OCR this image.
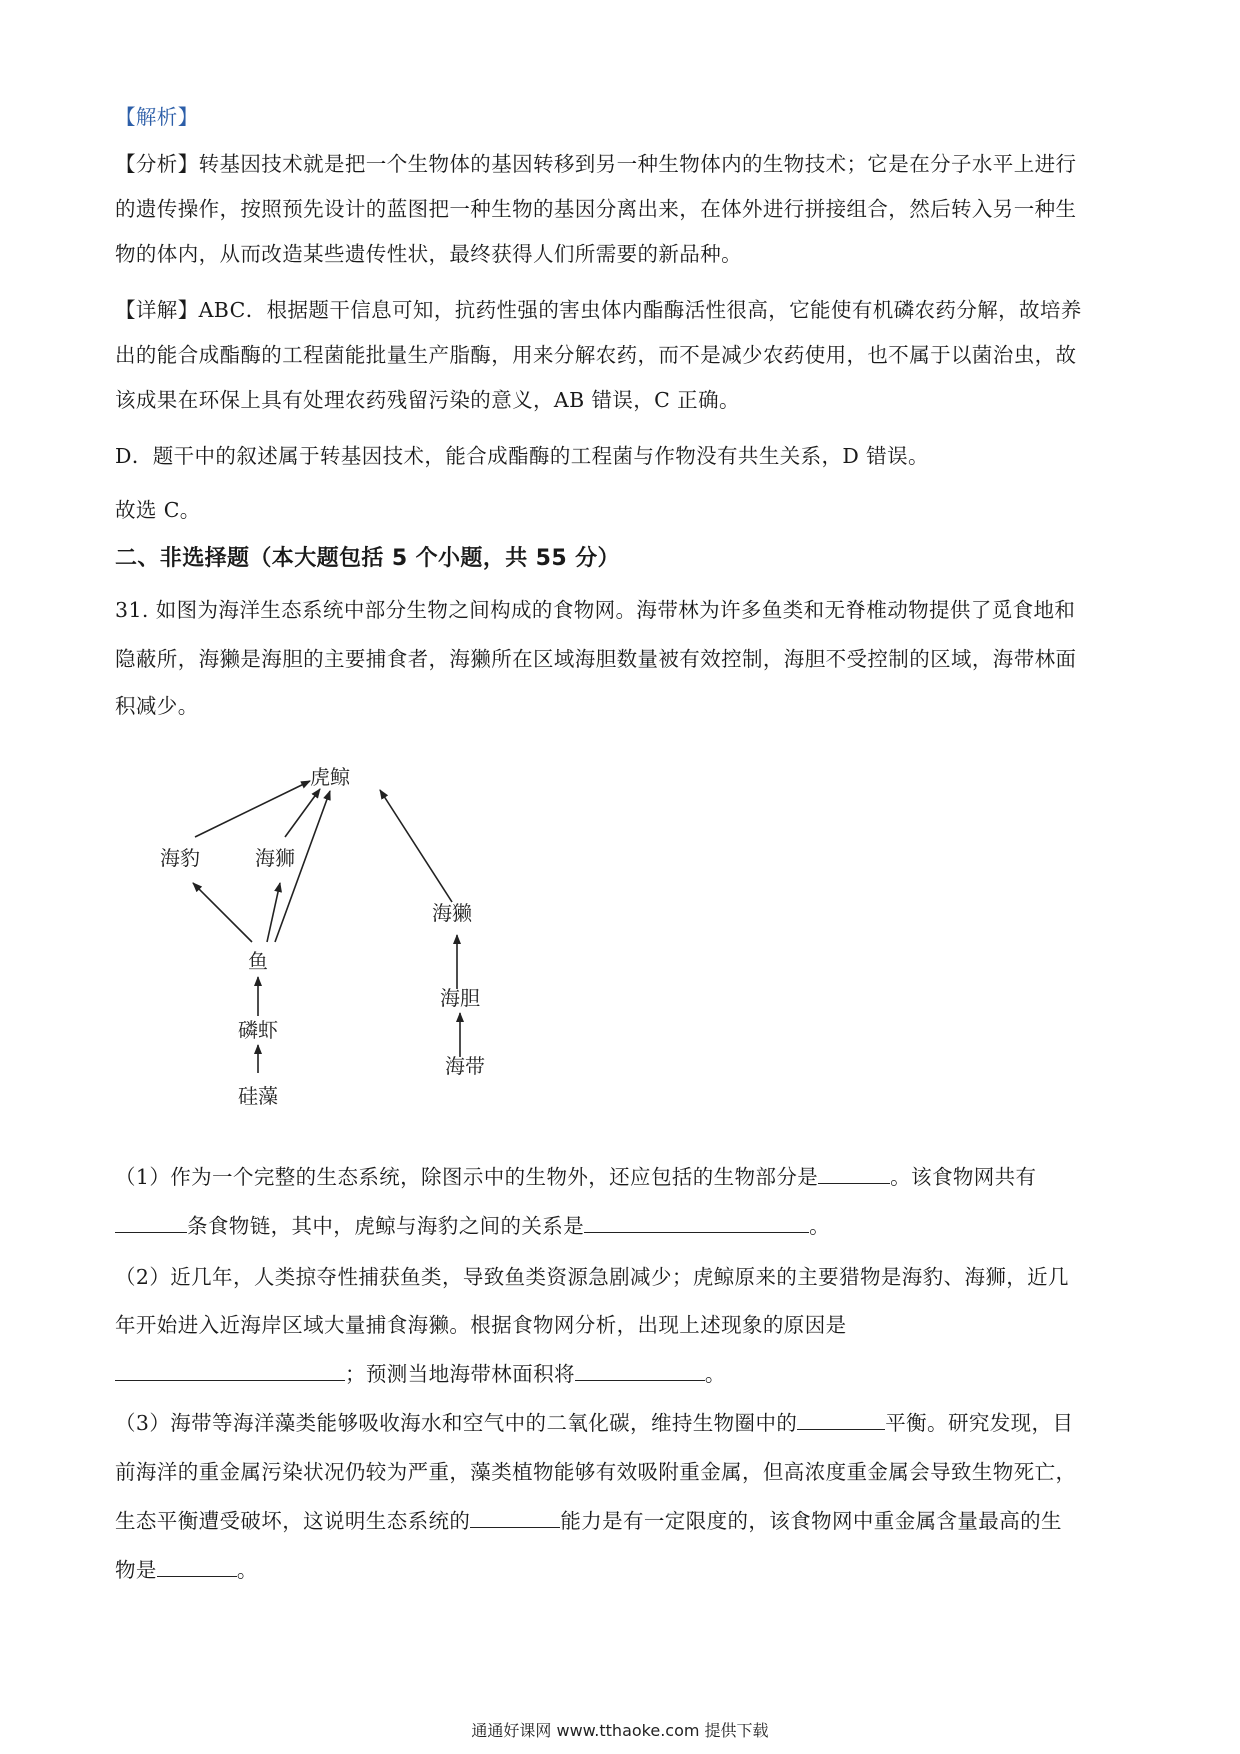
【解析】
【分析】转基因技术就是把一个生物体的基因转移到另一种生物体内的生物技术；它是在分子水平上进行
的遗传操作，按照预先设计的蓝图把一种生物的基因分离出来，在体外进行拼接组合，然后转入另一种生
物的体内，从而改造某些遗传性状，最终获得人们所需要的新品种。
【详解】ABC．根据题干信息可知，抗药性强的害虫体内酯酶活性很高，它能使有机磷农药分解，故培养
出的能合成酯酶的工程菌能批量生产脂酶，用来分解农药，而不是减少农药使用，也不属于以菌治虫，故
该成果在环保上具有处理农药残留污染的意义，AB 错误，C 正确。
D．题干中的叙述属于转基因技术，能合成酯酶的工程菌与作物没有共生关系，D 错误。
故选 C。
二、非选择题（本大题包括 5 个小题，共 55 分）
31. 如图为海洋生态系统中部分生物之间构成的食物网。海带林为许多鱼类和无脊椎动物提供了觅食地和
隐蔽所，海獭是海胆的主要捕食者，海獭所在区域海胆数量被有效控制，海胆不受控制的区域，海带林面
积减少。
虎鲸
海豹	海狮
海獭
鱼
海胆
磷虾
海带
硅藻
（1）作为一个完整的生态系统，除图示中的生物外，还应包括的生物部分是	。该食物网共有
条食物链，其中，虎鲸与海豹之间的关系是	。
（2）近几年，人类掠夺性捕获鱼类，导致鱼类资源急剧减少；虎鲸原来的主要猎物是海豹、海狮，近几
年开始进入近海岸区域大量捕食海獭。根据食物网分析，出现上述现象的原因是
；预测当地海带林面积将	。
（3）海带等海洋藻类能够吸收海水和空气中的二氧化碳，维持生物圈中的	平衡。研究发现，目
前海洋的重金属污染状况仍较为严重，藻类植物能够有效吸附重金属，但高浓度重金属会导致生物死亡，
生态平衡遭受破坏，这说明生态系统的	能力是有一定限度的，该食物网中重金属含量最高的生
物是	。
通通好课网 www.tthaoke.com 提供下载
